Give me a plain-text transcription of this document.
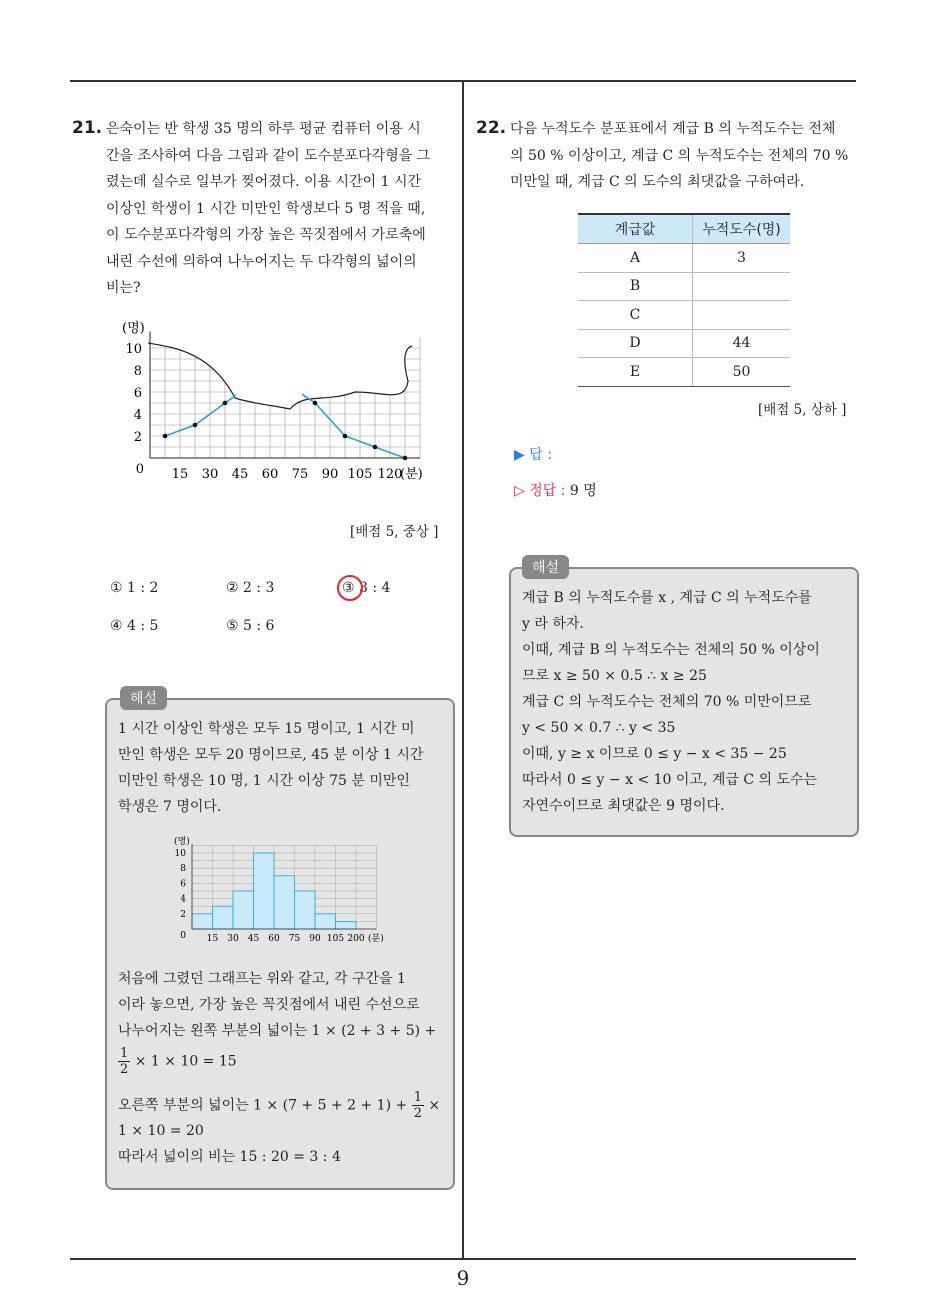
21. 은숙이는 반 학생 35 명의 하루 평균 컴퓨터 이용 시
간을 조사하여 다음 그림과 같이 도수분포다각형을 그
렸는데 실수로 일부가 찢어졌다. 이용 시간이 1 시간
이상인 학생이 1 시간 미만인 학생보다 5 명 적을 때,
이 도수분포다각형의 가장 높은 꼭짓점에서 가로축에
내린 수선에 의하여 나누어지는 두 다각형의 넓이의
비는?
(명)
10
8
6
4
2
0 15 30 45 60 75 90 105 120
(분)
[배점 5, 중상 ]
① 1 : 2	② 2 : 3	③ 3 : 4
④ 4 : 5	⑤ 5 : 6
해설
1 시간 이상인 학생은 모두 15 명이고, 1 시간 미
만인 학생은 모두 20 명이므로, 45 분 이상 1 시간
미만인 학생은 10 명, 1 시간 이상 75 분 미만인
학생은 7 명이다.
(명)
10
8
6
4
2
0 15 30 45 60 75 90 105 200 (분)
처음에 그렸던 그래프는 위와 같고, 각 구간을 1
이라 놓으면, 가장 높은 꼭짓점에서 내린 수선으로
나누어지는 왼쪽 부분의 넓이는 1 × (2 + 3 + 5) +
$\frac{1}{2} \times 1 \times 10 = 15$
오른쪽 부분의 넓이는 $1 \times (7 + 5 + 2 + 1) + \frac{1}{2}$ ×
1 × 10 = 20
따라서 넓이의 비는 15 : 20 = 3 : 4
22. 다음 누적도수 분포표에서 계급 B 의 누적도수는 전체
의 50 % 이상이고, 계급 C 의 누적도수는 전체의 70 %
미만일 때, 계급 C 의 도수의 최댓값을 구하여라.
계급값	누적도수(명)
A	3
B	
C	
D	44
E	50
[배점 5, 상하 ]
▶ 답 :
▷ 정답 : 9 명
해설
계급 B 의 누적도수를 x , 계급 C 의 누적도수를
y 라 하자.
이때, 계급 B 의 누적도수는 전체의 50 % 이상이
므로 x ≥ 50 × 0.5 ∴ x ≥ 25
계급 C 의 누적도수는 전체의 70 % 미만이므로
y < 50 × 0.7 ∴ y < 35
이때, y ≥ x 이므로 0 ≤ y − x < 35 − 25
따라서 0 ≤ y − x < 10 이고, 계급 C 의 도수는
자연수이므로 최댓값은 9 명이다.
9
